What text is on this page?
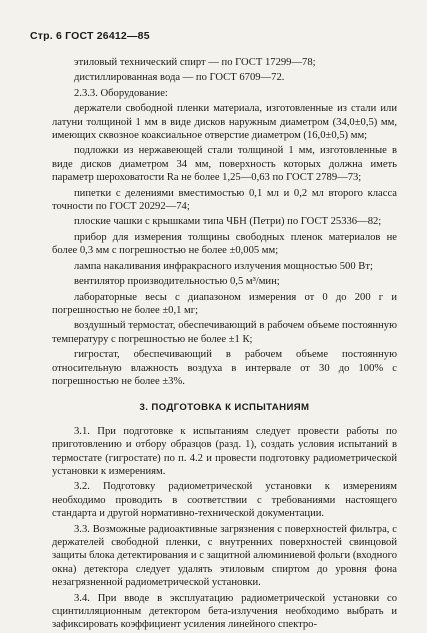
Стр. 6 ГОСТ 26412—85

этиловый технический спирт — по ГОСТ 17299—78;

дистиллированная вода — по ГОСТ 6709—72.

2.3.3. Оборудование:

держатели свободной пленки материала, изготовленные из стали или латуни толщиной 1 мм в виде дисков наружным диаметром (34,0±0,5) мм, имеющих сквозное коаксиальное отверстие диаметром (16,0±0,5) мм;

подложки из нержавеющей стали толщиной 1 мм, изготовленные в виде дисков диаметром 34 мм, поверхность которых должна иметь параметр шероховатости Ra не более 1,25—0,63 по ГОСТ 2789—73;

пипетки с делениями вместимостью 0,1 мл и 0,2 мл второго класса точности по ГОСТ 20292—74;

плоские чашки с крышками типа ЧБН (Петри) по ГОСТ 25336—82;

прибор для измерения толщины свободных пленок материалов не более 0,3 мм с погрешностью не более ±0,005 мм;

лампа накаливания инфракрасного излучения мощностью 500 Вт;

вентилятор производительностью 0,5 м³/мин;

лабораторные весы с диапазоном измерения от 0 до 200 г и погрешностью не более ±0,1 мг;

воздушный термостат, обеспечивающий в рабочем объеме постоянную температуру с погрешностью не более ±1 К;

гигростат, обеспечивающий в рабочем объеме постоянную относительную влажность воздуха в интервале от 30 до 100% с погрешностью не более ±3%.

3. ПОДГОТОВКА К ИСПЫТАНИЯМ

3.1. При подготовке к испытаниям следует провести работы по приготовлению и отбору образцов (разд. 1), создать условия испытаний в термостате (гигростате) по п. 4.2 и провести подготовку радиометрической установки к измерениям.

3.2. Подготовку радиометрической установки к измерениям необходимо проводить в соответствии с требованиями настоящего стандарта и другой нормативно-технической документации.

3.3. Возможные радиоактивные загрязнения с поверхностей фильтра, с держателей свободной пленки, с внутренних поверхностей свинцовой защиты блока детектирования и с защитной алюминиевой фольги (входного окна) детектора следует удалять этиловым спиртом до уровня фона незагрязненной радиометрической установки.

3.4. При вводе в эксплуатацию радиометрической установки со сцинтилляционным детектором бета-излучения необходимо выбрать и зафиксировать коэффициент усиления линейного спектро-
